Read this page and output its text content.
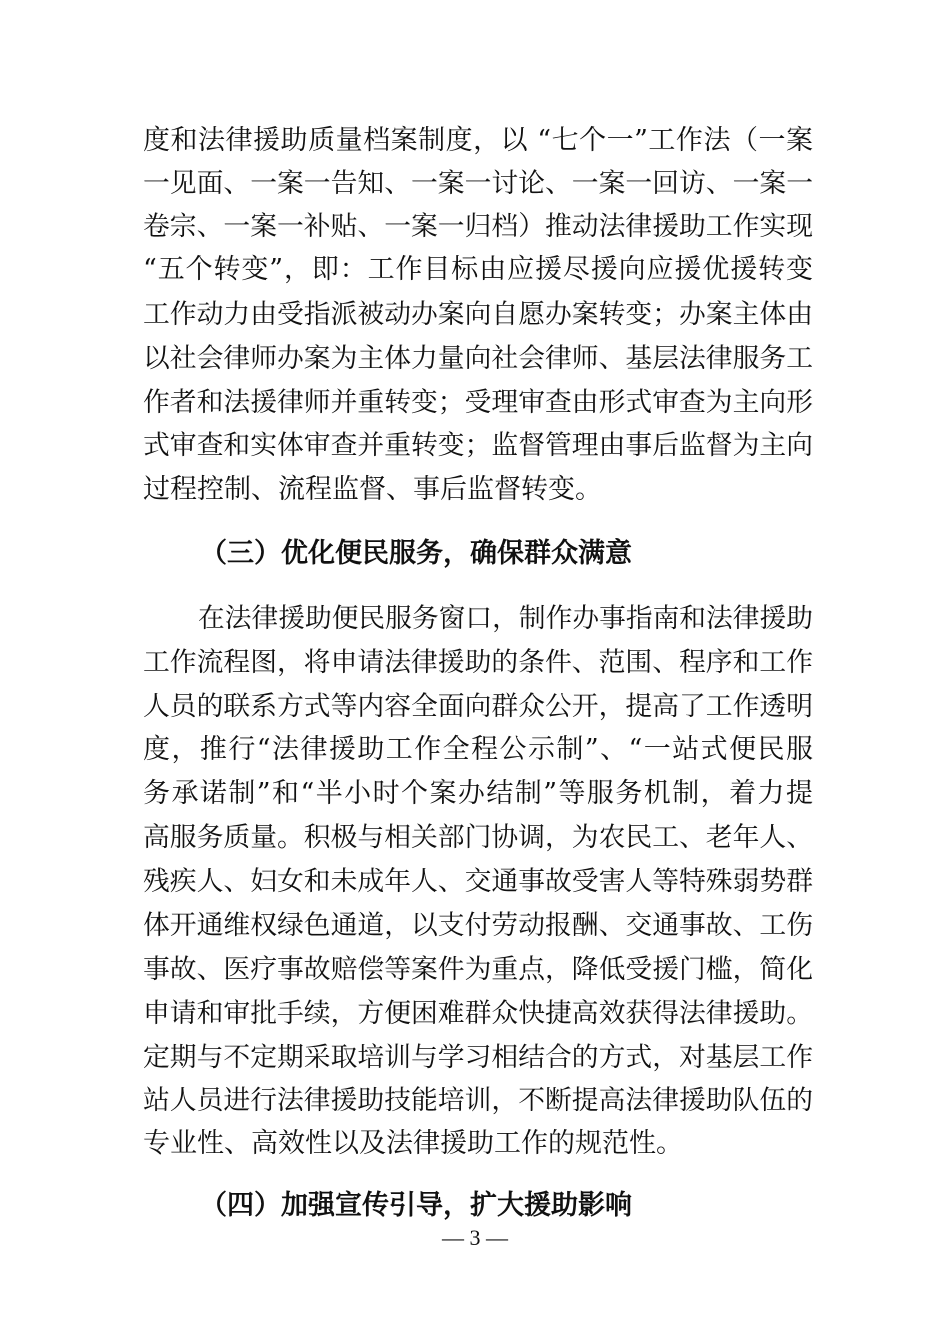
度和法律援助质量档案制度，以 “七个一”工作法（一案
一见面、一案一告知、一案一讨论、一案一回访、一案一
卷宗、一案一补贴、一案一归档）推动法律援助工作实现
“五个转变”，即：工作目标由应援尽援向应援优援转变
工作动力由受指派被动办案向自愿办案转变；办案主体由
以社会律师办案为主体力量向社会律师、基层法律服务工
作者和法援律师并重转变；受理审查由形式审查为主向形
式审查和实体审查并重转变；监督管理由事后监督为主向
过程控制、流程监督、事后监督转变。
（三）优化便民服务，确保群众满意
在法律援助便民服务窗口，制作办事指南和法律援助
工作流程图，将申请法律援助的条件、范围、程序和工作
人员的联系方式等内容全面向群众公开，提高了工作透明
度，推行“法律援助工作全程公示制”、“一站式便民服
务承诺制”和“半小时个案办结制”等服务机制，着力提
高服务质量。积极与相关部门协调，为农民工、老年人、
残疾人、妇女和未成年人、交通事故受害人等特殊弱势群
体开通维权绿色通道，以支付劳动报酬、交通事故、工伤
事故、医疗事故赔偿等案件为重点，降低受援门槛，简化
申请和审批手续，方便困难群众快捷高效获得法律援助。
定期与不定期采取培训与学习相结合的方式，对基层工作
站人员进行法律援助技能培训，不断提高法律援助队伍的
专业性、高效性以及法律援助工作的规范性。
（四）加强宣传引导，扩大援助影响
— 3 —
